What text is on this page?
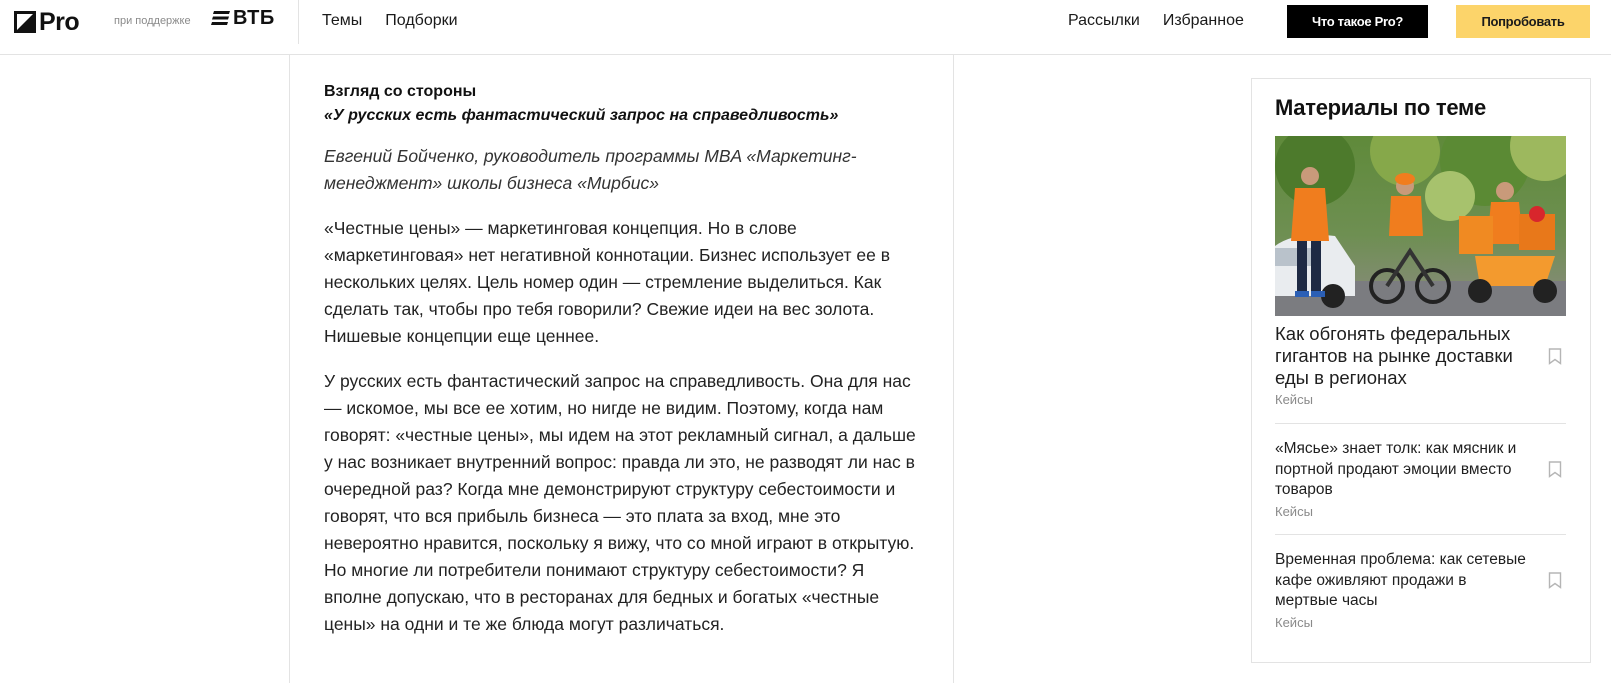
Pro	при поддержке ВТБ	Темы Подборки	Рассылки Избранное	Что такое Pro?	Попробовать

Взгляд со стороны

«У русских есть фантастический запрос на справедливость»

Евгений Бойченко, руководитель программы MBA «Маркетинг-менеджмент» школы бизнеса «Мирбис»

«Честные цены» — маркетинговая концепция. Но в слове «маркетинговая» нет негативной коннотации. Бизнес использует ее в нескольких целях. Цель номер один — стремление выделиться. Как сделать так, чтобы про тебя говорили? Свежие идеи на вес золота. Нишевые концепции еще ценнее.

У русских есть фантастический запрос на справедливость. Она для нас — искомое, мы все ее хотим, но нигде не видим. Поэтому, когда нам говорят: «честные цены», мы идем на этот рекламный сигнал, а дальше у нас возникает внутренний вопрос: правда ли это, не разводят ли нас в очередной раз? Когда мне демонстрируют структуру себестоимости и говорят, что вся прибыль бизнеса — это плата за вход, мне это невероятно нравится, поскольку я вижу, что со мной играют в открытую. Но многие ли потребители понимают структуру себестоимости? Я вполне допускаю, что в ресторанах для бедных и богатых «честные цены» на одни и те же блюда могут различаться.

Материалы по теме
Как обгонять федеральных гигантов на рынке доставки еды в регионах
Кейсы
«Мясье» знает толк: как мясник и портной продают эмоции вместо товаров
Кейсы
Временная проблема: как сетевые кафе оживляют продажи в мертвые часы
Кейсы
